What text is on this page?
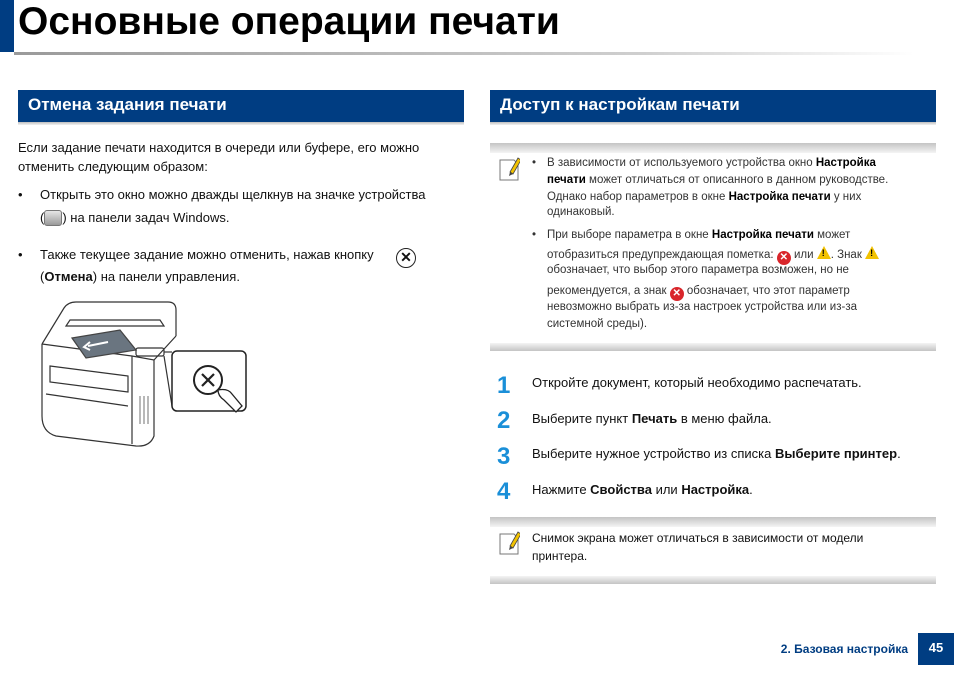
Основные операции печати
Отмена задания печати
Если задание печати находится в очереди или буфере, его можно
отменить следующим образом:
• Открыть это окно можно дважды щелкнув на значке устройства
( ) на панели задач Windows.
• Также текущее задание можно отменить, нажав кнопку ✕
(Отмена) на панели управления.
Доступ к настройкам печати
• В зависимости от используемого устройства окно Настройка
печати может отличаться от описанного в данном руководстве.
Однако набор параметров в окне Настройка печати у них
одинаковый.
• При выборе параметра в окне Настройка печати может
отобразиться предупреждающая пометка: ✕ или ! . Знак !
обозначает, что выбор этого параметра возможен, но не
рекомендуется, а знак ✕ обозначает, что этот параметр
невозможно выбрать из-за настроек устройства или из-за
системной среды).
1 Откройте документ, который необходимо распечатать.
2 Выберите пункт Печать в меню файла.
3 Выберите нужное устройство из списка Выберите принтер.
4 Нажмите Свойства или Настройка.
Снимок экрана может отличаться в зависимости от модели
принтера.
2. Базовая настройка	45
